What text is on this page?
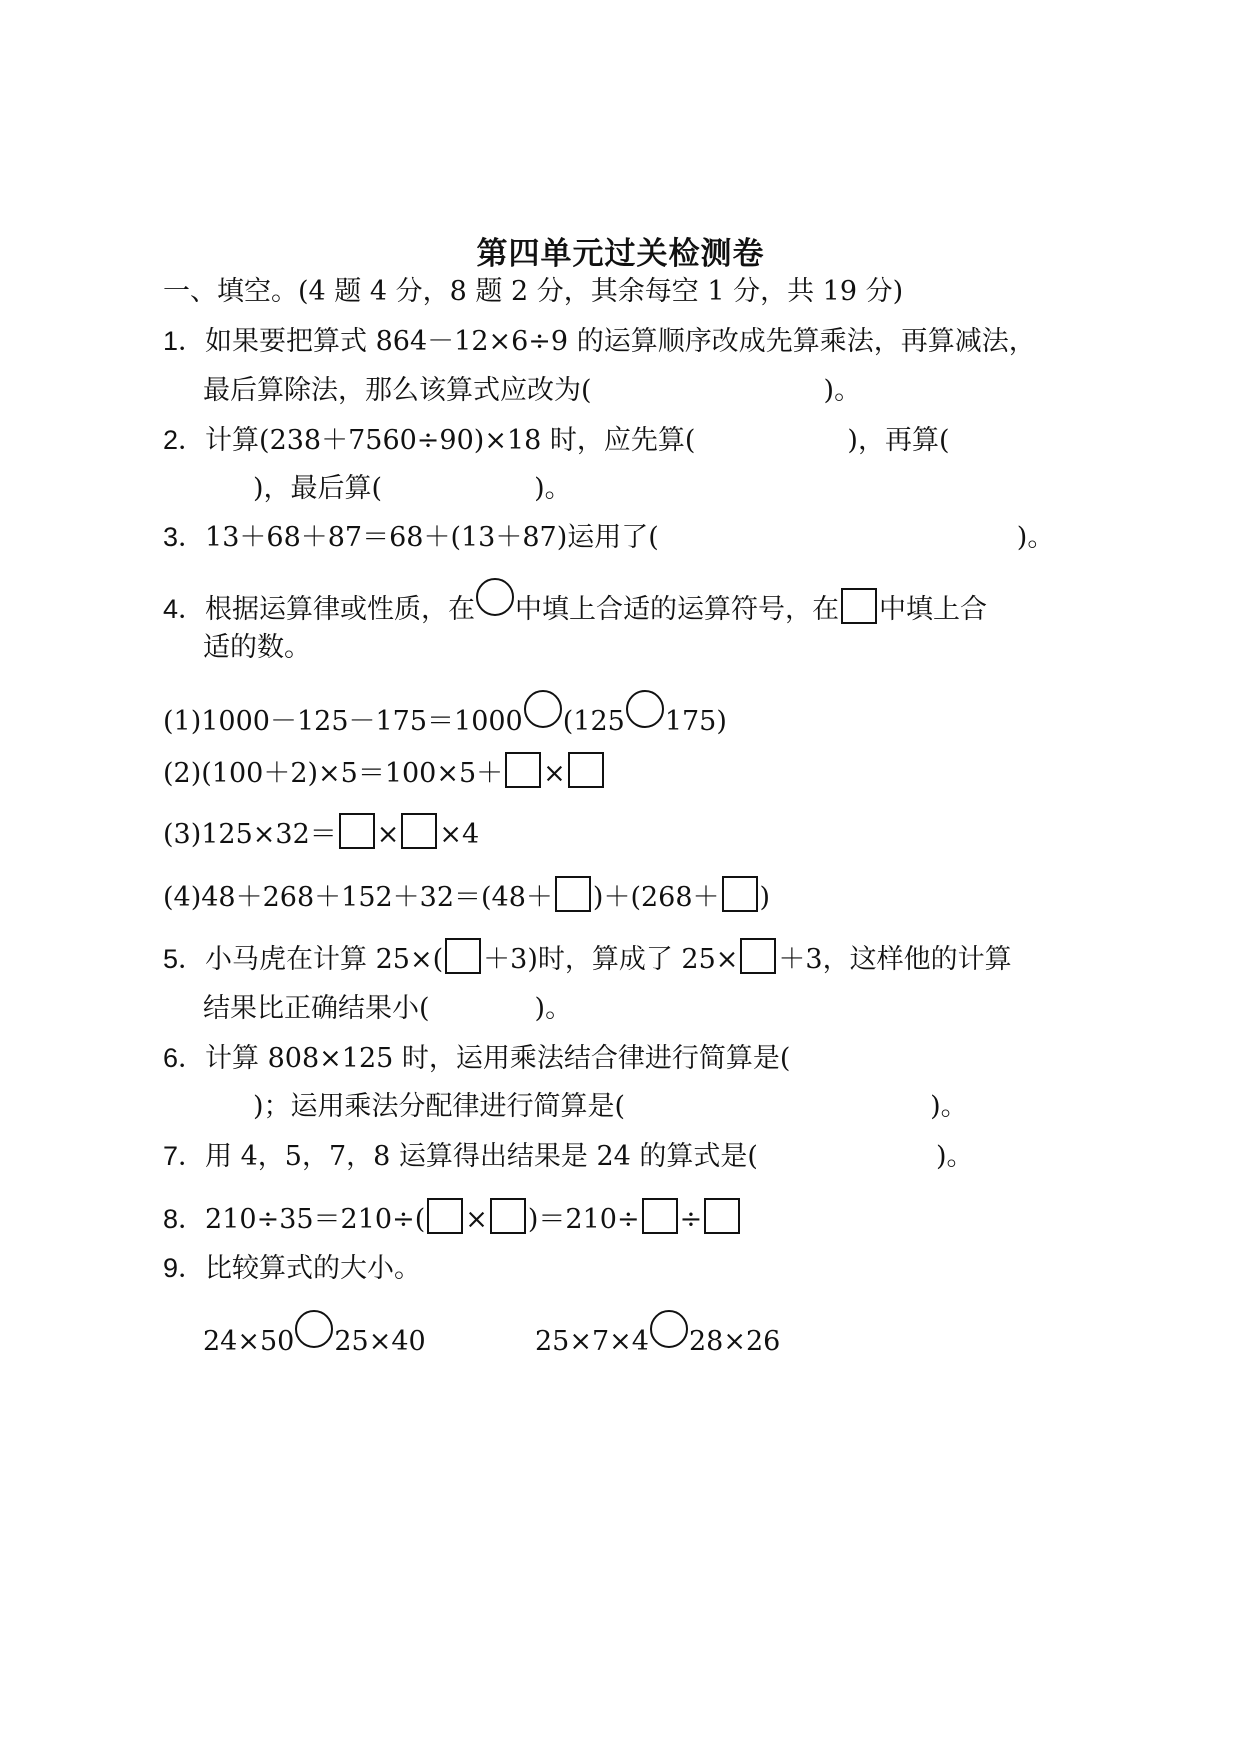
第四单元过关检测卷
一、填空。(4 题 4 分，8 题 2 分，其余每空 1 分，共 19 分)
1．如果要把算式 864－12×6÷9 的运算顺序改成先算乘法，再算减法，
最后算除法，那么该算式应改为(	)。
2．计算(238＋7560÷90)×18 时，应先算(	)，再算(
)，最后算(	)。
3．13＋68＋87＝68＋(13＋87)运用了(	)。
4．根据运算律或性质，在 中填上合适的运算符号，在 中填上合
适的数。
(1)1000－125－175＝1000 (125 175)
(2)(100＋2)×5＝100×5＋ ×
(3)125×32＝ × ×4
(4)48＋268＋152＋32＝(48＋ )＋(268＋ )
5．小马虎在计算 25×( ＋3)时，算成了 25× ＋3，这样他的计算
结果比正确结果小(	)。
6．计算 808×125 时，运用乘法结合律进行简算是(
)；运用乘法分配律进行简算是(	)。
7．用 4，5，7，8 运算得出结果是 24 的算式是(	)。
8．210÷35＝210÷( × )＝210÷ ÷
9．比较算式的大小。
24×50 25×40	25×7×4 28×26
